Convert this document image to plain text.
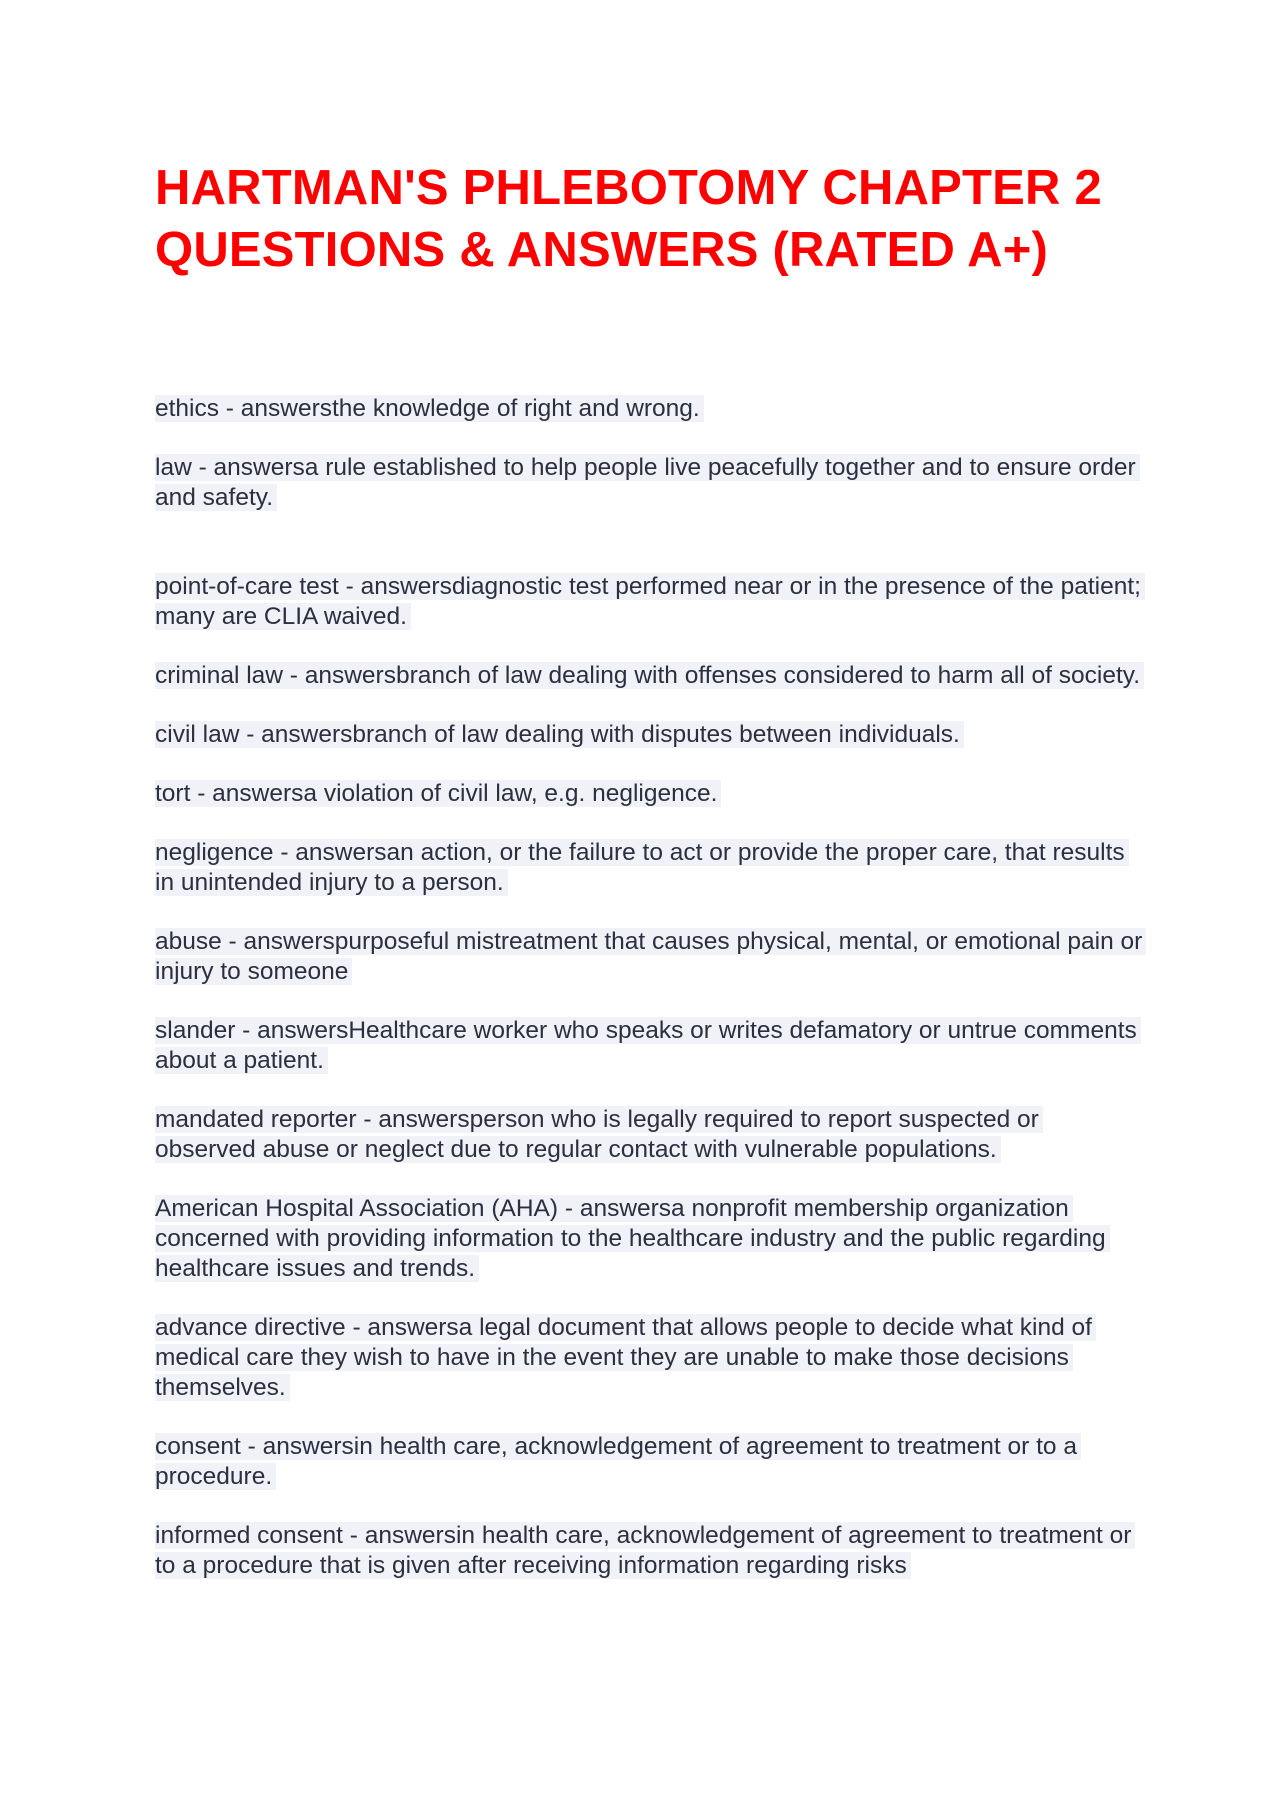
HARTMAN'S PHLEBOTOMY CHAPTER 2 QUESTIONS & ANSWERS (RATED A+)

ethics - answersthe knowledge of right and wrong.

law - answersa rule established to help people live peacefully together and to ensure order and safety.

point-of-care test - answersdiagnostic test performed near or in the presence of the patient; many are CLIA waived.

criminal law - answersbranch of law dealing with offenses considered to harm all of society.

civil law - answersbranch of law dealing with disputes between individuals.

tort - answersa violation of civil law, e.g. negligence.

negligence - answersan action, or the failure to act or provide the proper care, that results in unintended injury to a person.

abuse - answerspurposeful mistreatment that causes physical, mental, or emotional pain or injury to someone

slander - answersHealthcare worker who speaks or writes defamatory or untrue comments about a patient.

mandated reporter - answersperson who is legally required to report suspected or observed abuse or neglect due to regular contact with vulnerable populations.

American Hospital Association (AHA) - answersa nonprofit membership organization concerned with providing information to the healthcare industry and the public regarding healthcare issues and trends.

advance directive - answersa legal document that allows people to decide what kind of medical care they wish to have in the event they are unable to make those decisions themselves.

consent - answersin health care, acknowledgement of agreement to treatment or to a procedure.

informed consent - answersin health care, acknowledgement of agreement to treatment or to a procedure that is given after receiving information regarding risks
